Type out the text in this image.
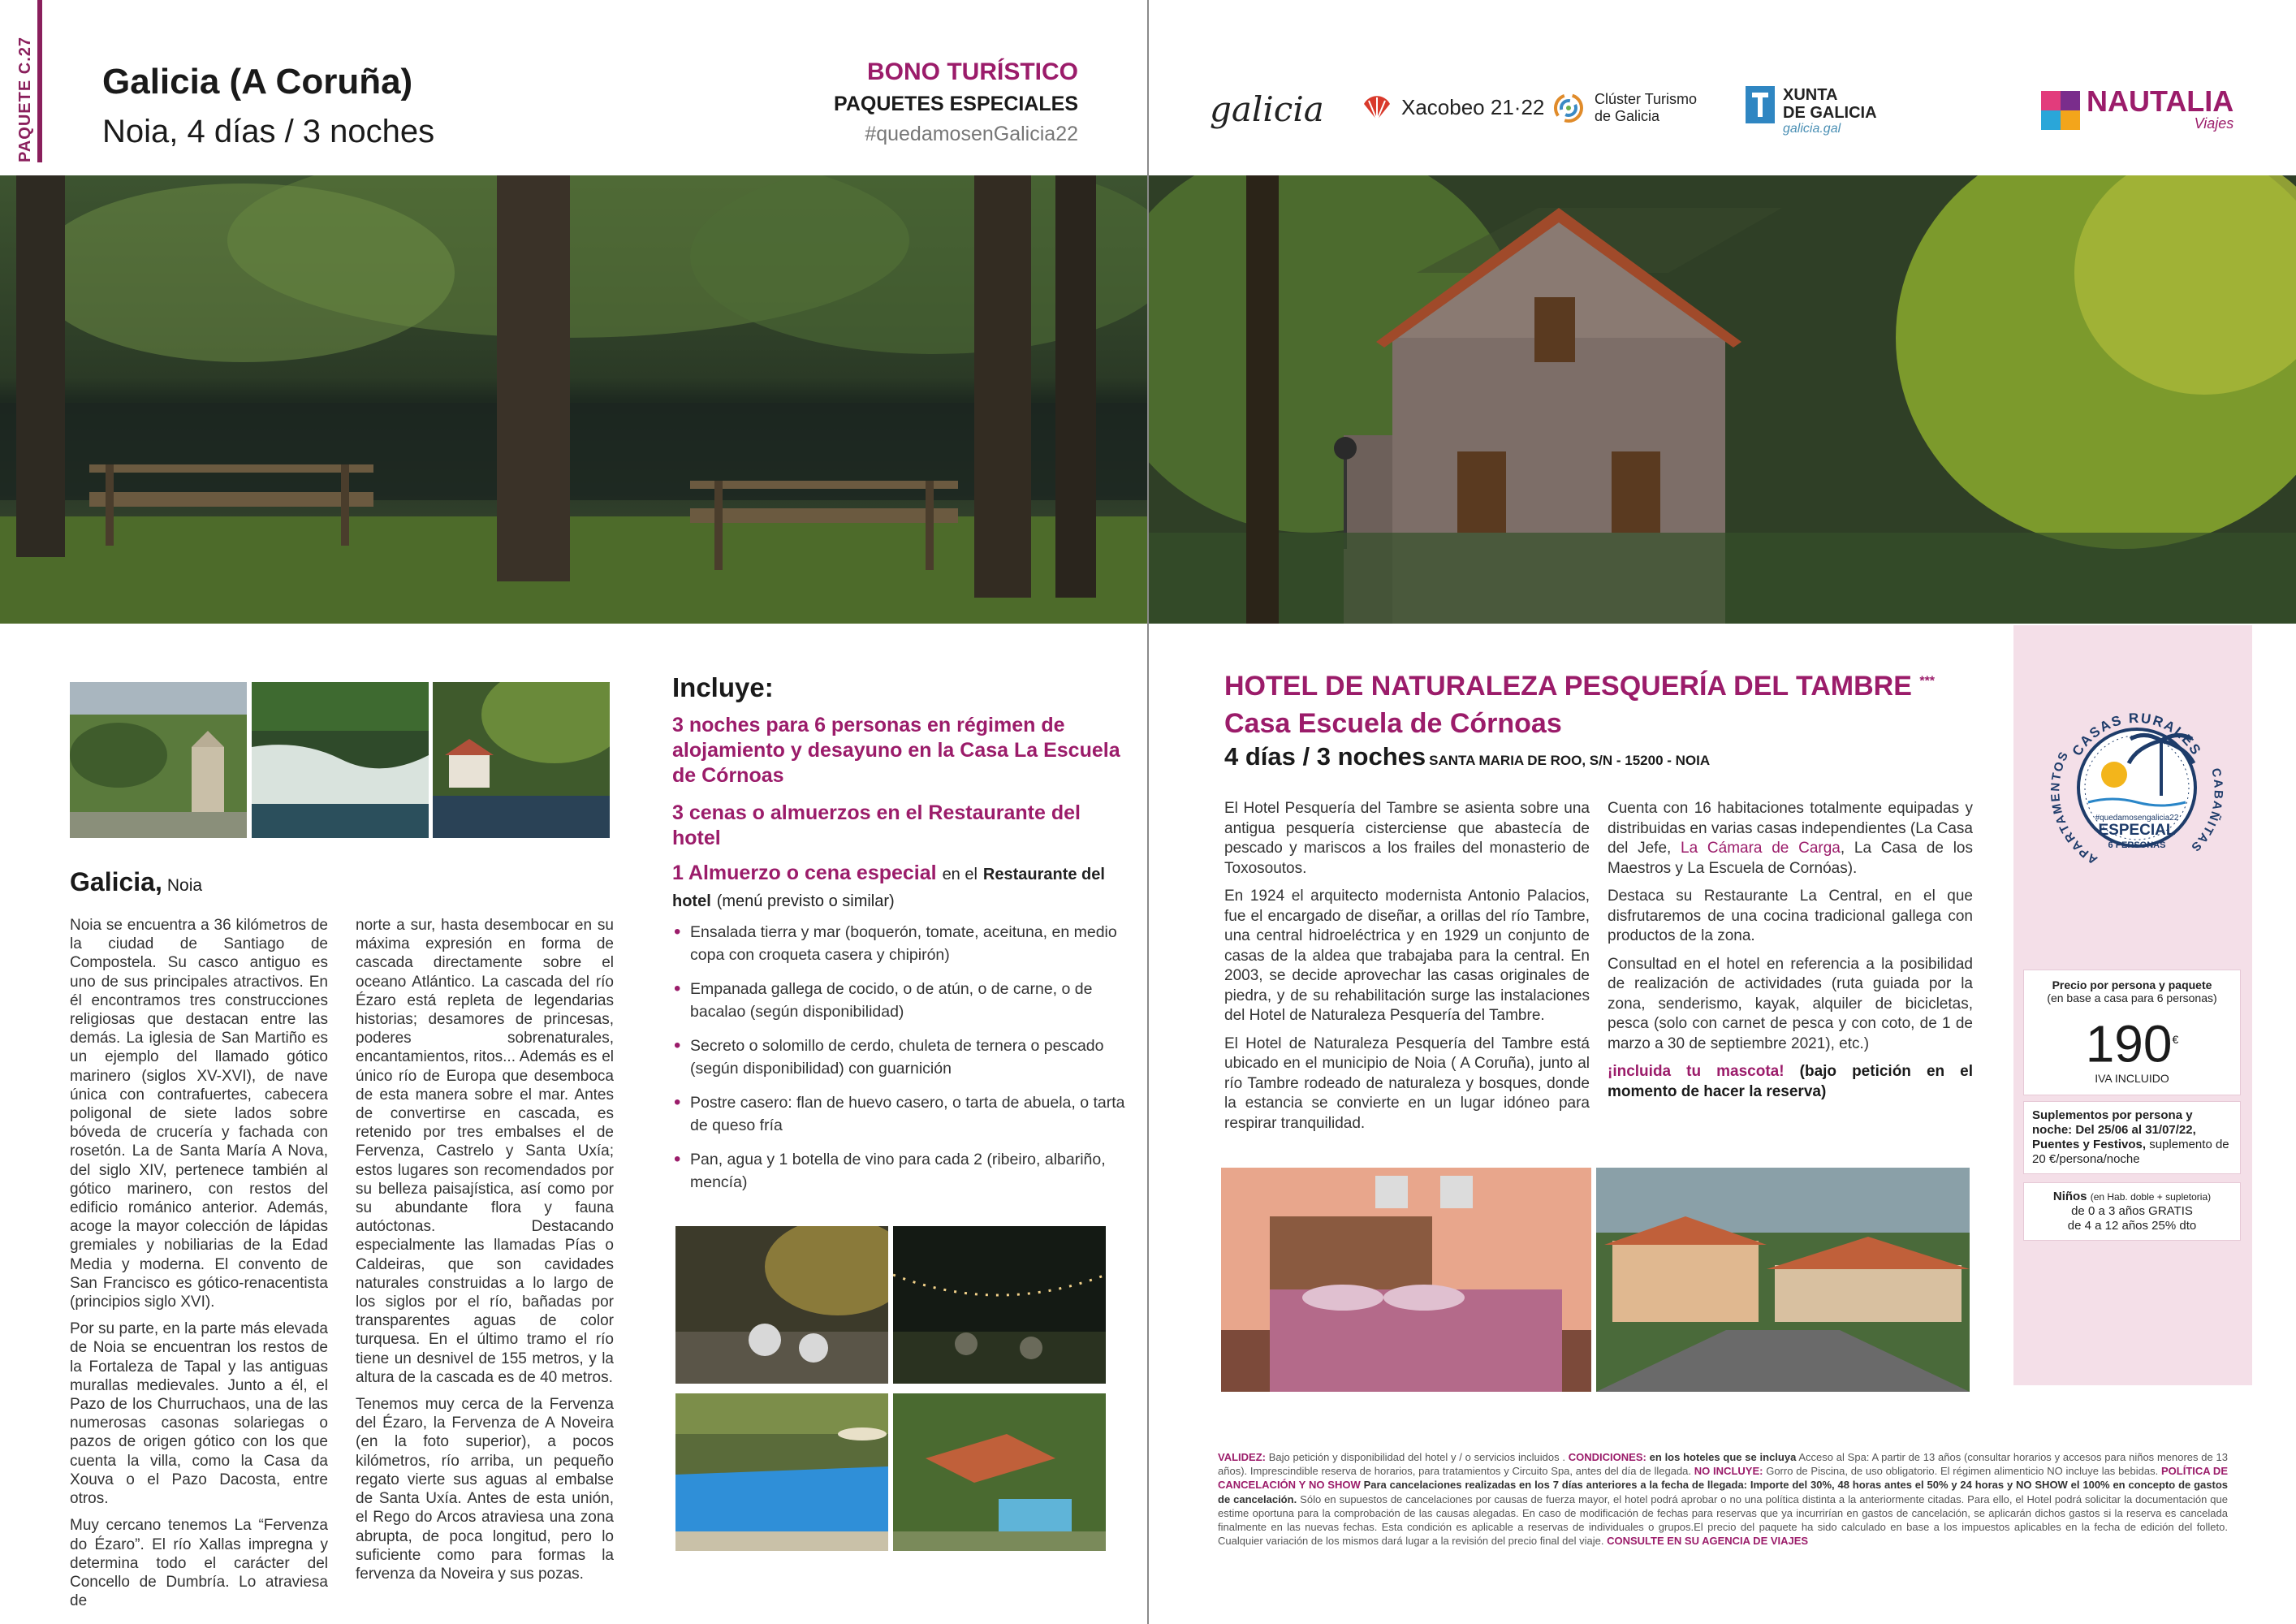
PAQUETE C.27 Galicia (A Coruña)
Noia, 4 días / 3 noches
BONO TURÍSTICO
PAQUETES ESPECIALES
#quedamosenGalicia22
galicia	Xacobeo 21·22	Clúster Turismo
de Galicia
XUNTA
DE GALICIA
galicia.gal
NAUTALIA
Viajes
Galicia, Noia

Noia se encuentra a 36 kilómetros de la ciudad de Santiago de Compostela. Su casco antiguo es uno de sus principales atractivos. En él encontramos tres construcciones religiosas que destacan entre las demás. La iglesia de San Martiño es un ejemplo del llamado gótico marinero (siglos XV-XVI), de nave única con contrafuertes, cabecera poligonal de siete lados sobre bóveda de crucería y fachada con rosetón. La de Santa María A Nova, del siglo XIV, pertenece también al gótico marinero, con restos del edificio románico anterior. Además, acoge la mayor colección de lápidas gremiales y nobiliarias de la Edad Media y moderna. El convento de San Francisco es gótico-renacentista (principios siglo XVI).

Por su parte, en la parte más elevada de Noia se encuentran los restos de la Fortaleza de Tapal y las antiguas murallas medievales. Junto a él, el Pazo de los Churruchaos, una de las numerosas casonas solariegas o pazos de origen gótico con los que cuenta la villa, como la Casa da Xouva o el Pazo Dacosta, entre otros.

Muy cercano tenemos La “Fervenza do Ézaro”. El río Xallas impregna y determina todo el carácter del Concello de Dumbría. Lo atraviesa de

norte a sur, hasta desembocar en su máxima expresión en forma de cascada directamente sobre el oceano Atlántico. La cascada del río Ézaro está repleta de legendarias historias; desamores de princesas, poderes sobrenaturales, encantamientos, ritos... Además es el único río de Europa que desemboca de esta manera sobre el mar. Antes de convertirse en cascada, es retenido por tres embalses el de Fervenza, Castrelo y Santa Uxía; estos lugares son recomendados por su belleza paisajística, así como por su abundante flora y fauna autóctonas. Destacando especialmente las llamadas Pías o Caldeiras, que son cavidades naturales construidas a lo largo de los siglos por el río, bañadas por transparentes aguas de color turquesa. En el último tramo el río tiene un desnivel de 155 metros, y la altura de la cascada es de 40 metros.

Tenemos muy cerca de la Fervenza del Ézaro, la Fervenza de A Noveira (en la foto superior), a pocos kilómetros, río arriba, un pequeño regato vierte sus aguas al embalse de Santa Uxía. Antes de esta unión, el Rego do Arcos atraviesa una zona abrupta, de poca longitud, pero lo suficiente como para formas la fervenza da Noveira y sus pozas.

Incluye:
3 noches para 6 personas en régimen de alojamiento y desayuno en la Casa La Escuela de Córnoas
3 cenas o almuerzos en el Restaurante del hotel
1 Almuerzo o cena especial en el Restaurante del hotel (menú previsto o similar)
• Ensalada tierra y mar (boquerón, tomate, aceituna, en medio copa con croqueta casera y chipirón)
• Empanada gallega de cocido, o de atún, o de carne, o de bacalao (según disponibilidad)
• Secreto o solomillo de cerdo, chuleta de ternera o pescado (según disponibilidad) con guarnición
• Postre casero: flan de huevo casero, o tarta de abuela, o tarta de queso fría
• Pan, agua y 1 botella de vino para cada 2 (ribeiro, albariño, mencía)
HOTEL DE NATURALEZA PESQUERÍA DEL TAMBRE ***
Casa Escuela de Córnoas
4 días / 3 noches SANTA MARIA DE ROO, S/N - 15200 - NOIA

El Hotel Pesquería del Tambre se asienta sobre una antigua pesquería cisterciense que abastecía de pescado y mariscos a los frailes del monasterio de Toxosoutos.

En 1924 el arquitecto modernista Antonio Palacios, fue el encargado de diseñar, a orillas del río Tambre, una central hidroeléctrica y en 1929 un conjunto de casas de la aldea que trabajaba para la central. En 2003, se decide aprovechar las casas originales de piedra, y de su rehabilitación surge las instalaciones del Hotel de Naturaleza Pesquería del Tambre.

El Hotel de Naturaleza Pesquería del Tambre está ubicado en el municipio de Noia ( A Coruña), junto al río Tambre rodeado de naturaleza y bosques, donde la estancia se convierte en un lugar idóneo para respirar tranquilidad.

Cuenta con 16 habitaciones totalmente equipadas y distribuidas en varias casas independientes (La Casa del Jefe, La Cámara de Carga, La Casa de los Maestros y La Escuela de Cornóas).

Destaca su Restaurante La Central, en el que disfrutaremos de una cocina tradicional gallega con productos de la zona.

Consultad en el hotel en referencia a la posibilidad de realización de actividades (ruta guiada por la zona, senderismo, kayak, alquiler de bicicletas, pesca (solo con carnet de pesca y con coto, de 1 de marzo a 30 de septiembre 2021), etc.)

¡incluida tu mascota! (bajo petición en el momento de hacer la reserva)

CASAS RURALES
APARTAMENTOS
CABAÑITAS
#quedamosengalicia22
ESPECIAL
6 PERSONAS
Precio por persona y paquete
(en base a casa para 6 personas)
190€
IVA INCLUIDO
Suplementos por persona y noche: Del 25/06 al 31/07/22, Puentes y Festivos, suplemento de 20 €/persona/noche
Niños (en Hab. doble + supletoria)
de 0 a 3 años GRATIS
de 4 a 12 años 25% dto
VALIDEZ: Bajo petición y disponibilidad del hotel y / o servicios incluidos . CONDICIONES: en los hoteles que se incluya Acceso al Spa: A partir de 13 años (consultar horarios y accesos para niños menores de 13 años). Imprescindible reserva de horarios, para tratamientos y Circuito Spa, antes del día de llegada. NO INCLUYE: Gorro de Piscina, de uso obligatorio. El régimen alimenticio NO incluye las bebidas. POLÍTICA DE CANCELACIÓN Y NO SHOW Para cancelaciones realizadas en los 7 días anteriores a la fecha de llegada: Importe del 30%, 48 horas antes el 50% y 24 horas y NO SHOW el 100% en concepto de gastos de cancelación. Sólo en supuestos de cancelaciones por causas de fuerza mayor, el hotel podrá aprobar o no una política distinta a la anteriormente citadas. Para ello, el Hotel podrá solicitar la documentación que estime oportuna para la comprobación de las causas alegadas. En caso de modificación de fechas para reservas que ya incurrirían en gastos de cancelación, se aplicarán dichos gastos si la reserva es cancelada finalmente en las nuevas fechas. Esta condición es aplicable a reservas de individuales o grupos.El precio del paquete ha sido calculado en base a los impuestos aplicables en la fecha de edición del folleto. Cualquier variación de los mismos dará lugar a la revisión del precio final del viaje. CONSULTE EN SU AGENCIA DE VIAJES
